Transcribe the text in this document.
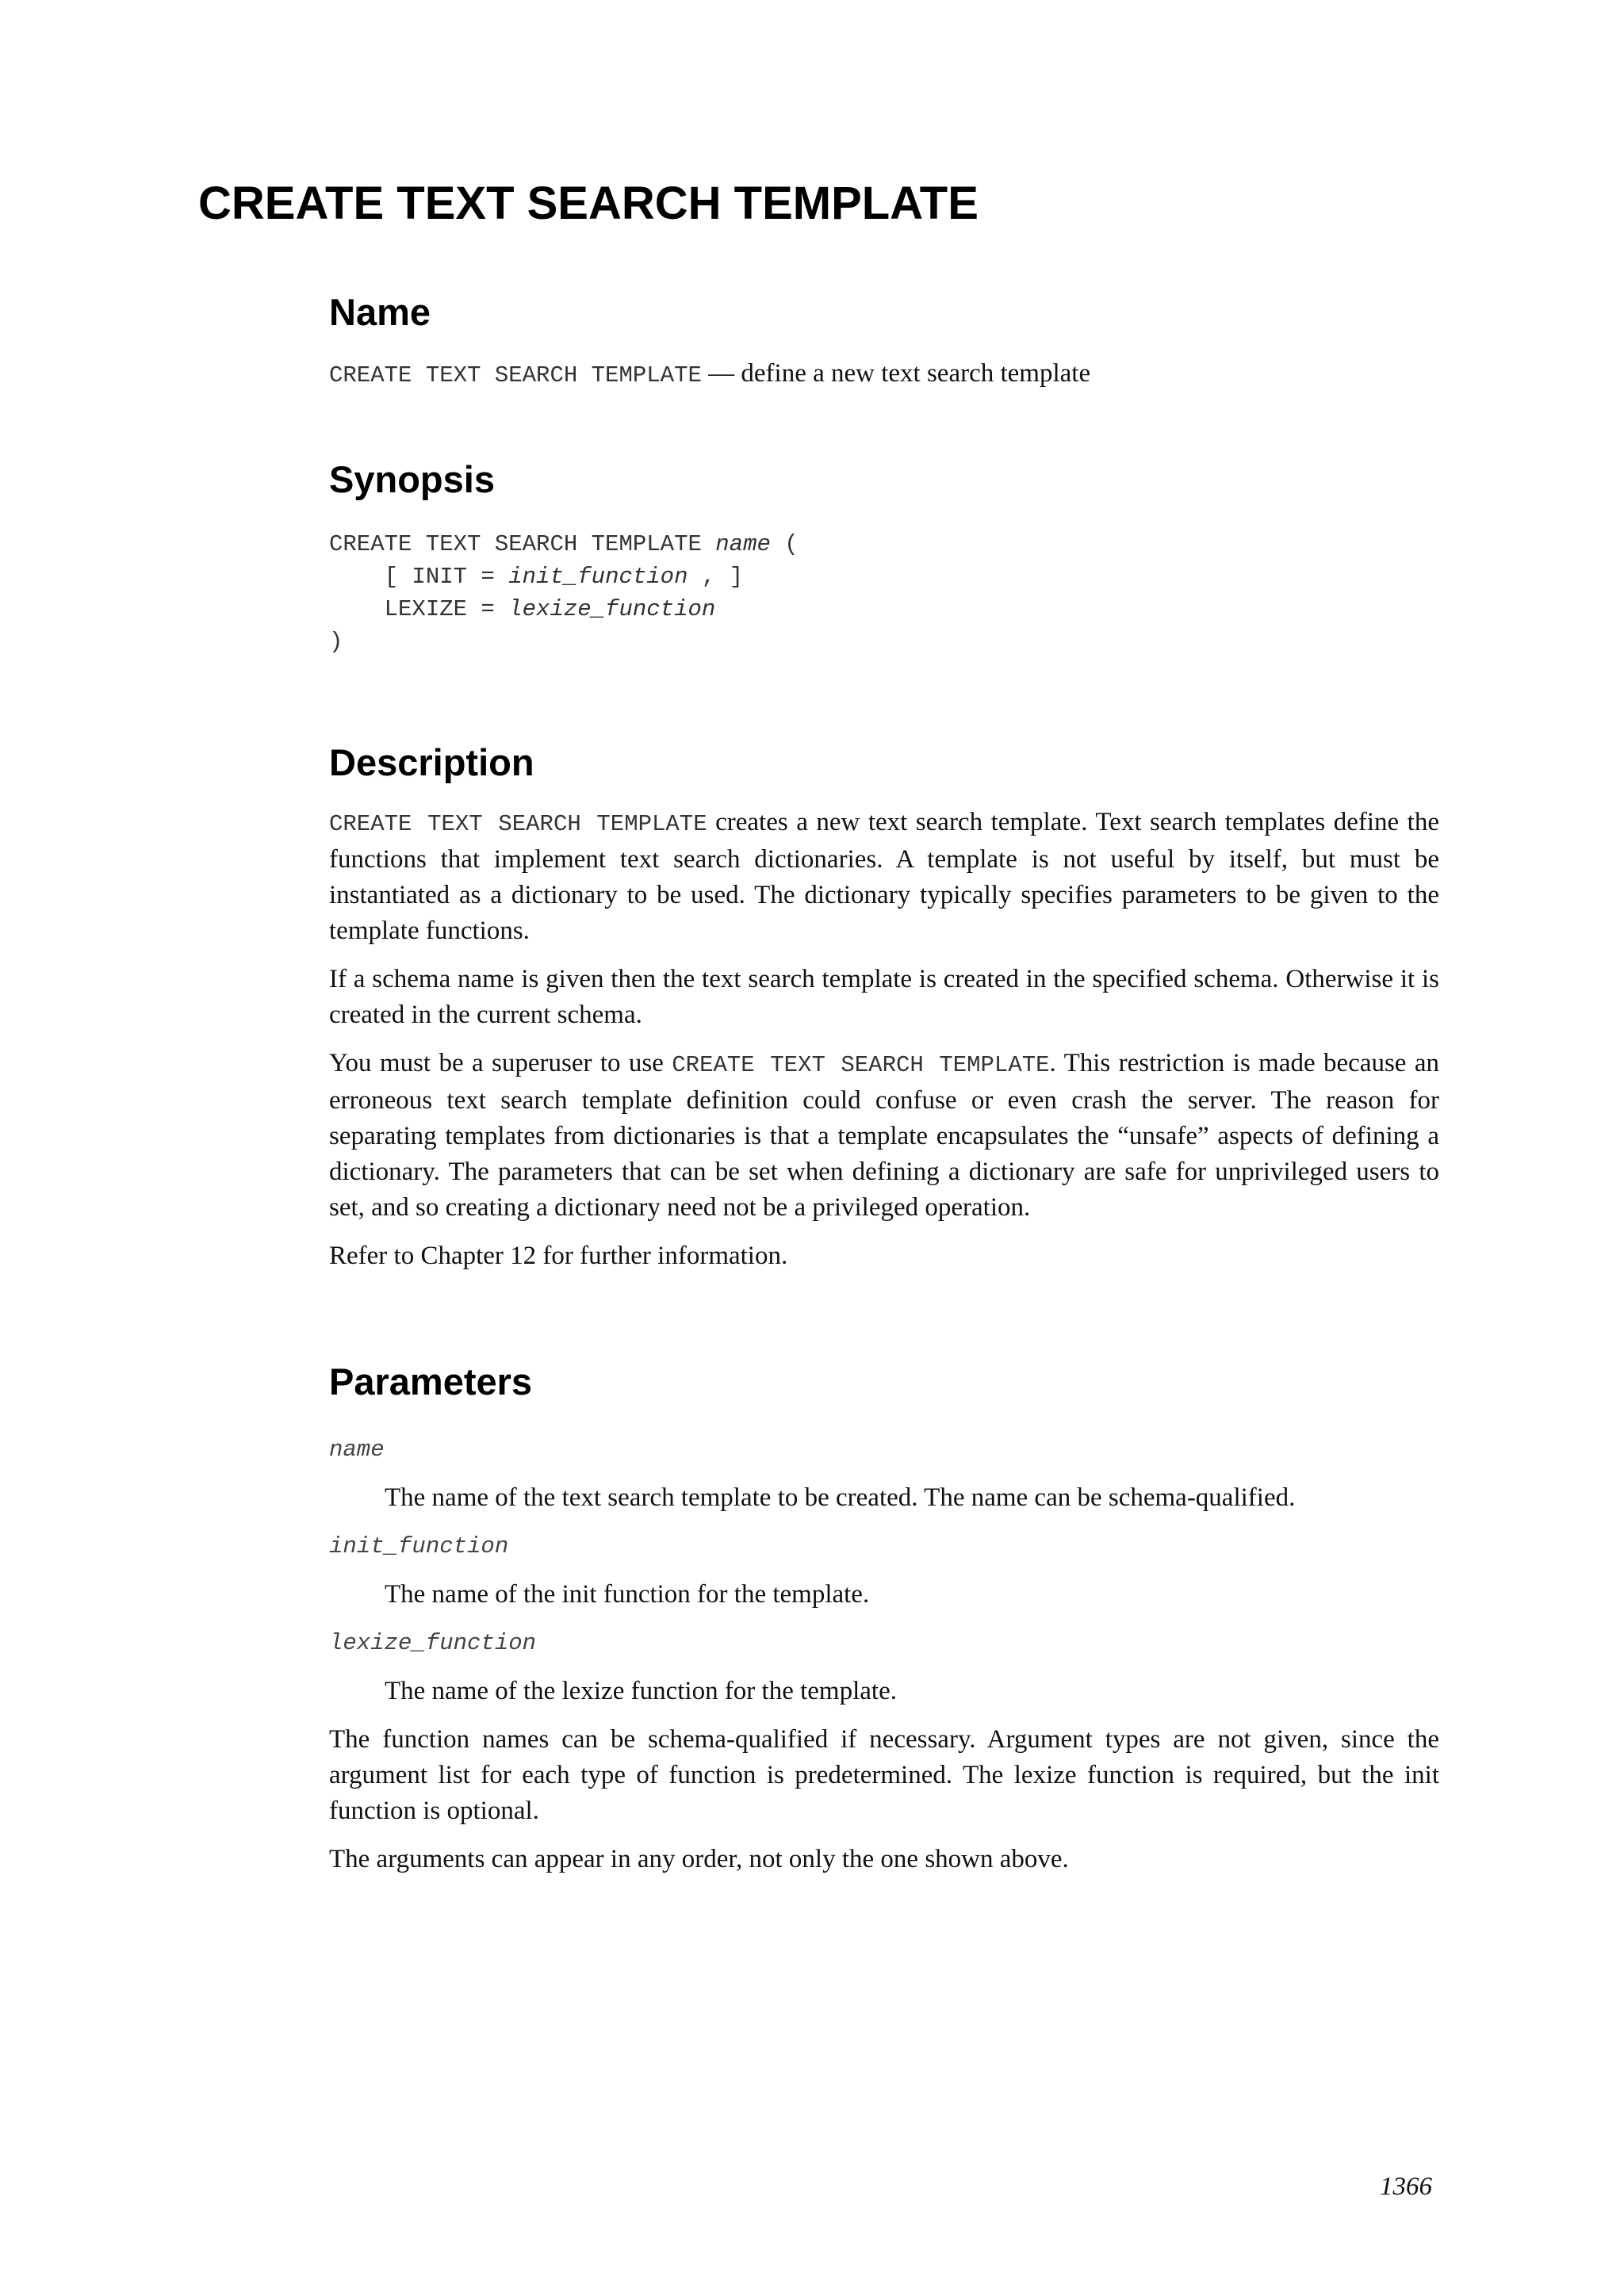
CREATE TEXT SEARCH TEMPLATE
Name

CREATE TEXT SEARCH TEMPLATE — define a new text search template

Synopsis
CREATE TEXT SEARCH TEMPLATE name (
[ INIT = init_function , ]
LEXIZE = lexize_function
)
Description

CREATE TEXT SEARCH TEMPLATE creates a new text search template. Text search templates define the functions that implement text search dictionaries. A template is not useful by itself, but must be instantiated as a dictionary to be used. The dictionary typically specifies parameters to be given to the template functions.

If a schema name is given then the text search template is created in the specified schema. Otherwise it is created in the current schema.

You must be a superuser to use CREATE TEXT SEARCH TEMPLATE. This restriction is made because an erroneous text search template definition could confuse or even crash the server. The reason for separating templates from dictionaries is that a template encapsulates the “unsafe” aspects of defining a dictionary. The parameters that can be set when defining a dictionary are safe for unprivileged users to set, and so creating a dictionary need not be a privileged operation.

Refer to Chapter 12 for further information.

Parameters
name
The name of the text search template to be created. The name can be schema-qualified.
init_function
The name of the init function for the template.
lexize_function
The name of the lexize function for the template.

The function names can be schema-qualified if necessary. Argument types are not given, since the argument list for each type of function is predetermined. The lexize function is required, but the init function is optional.

The arguments can appear in any order, not only the one shown above.

1366
